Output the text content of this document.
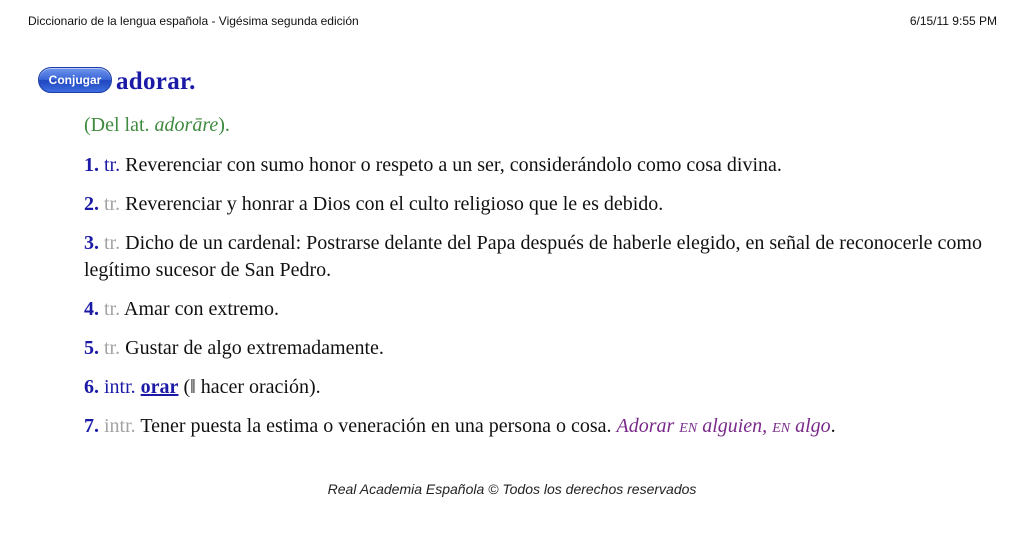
Diccionario de la lengua española - Vigésima segunda edición	6/15/11 9:55 PM
Conjugar adorar.
(Del lat. adorāre).
1. tr. Reverenciar con sumo honor o respeto a un ser, considerándolo como cosa divina.
2. tr. Reverenciar y honrar a Dios con el culto religioso que le es debido.
3. tr. Dicho de un cardenal: Postrarse delante del Papa después de haberle elegido, en señal de reconocerle como legítimo sucesor de San Pedro.
4. tr. Amar con extremo.
5. tr. Gustar de algo extremadamente.
6. intr. orar (‖ hacer oración).
7. intr. Tener puesta la estima o veneración en una persona o cosa. Adorar en alguien, en algo.
Real Academia Española © Todos los derechos reservados
